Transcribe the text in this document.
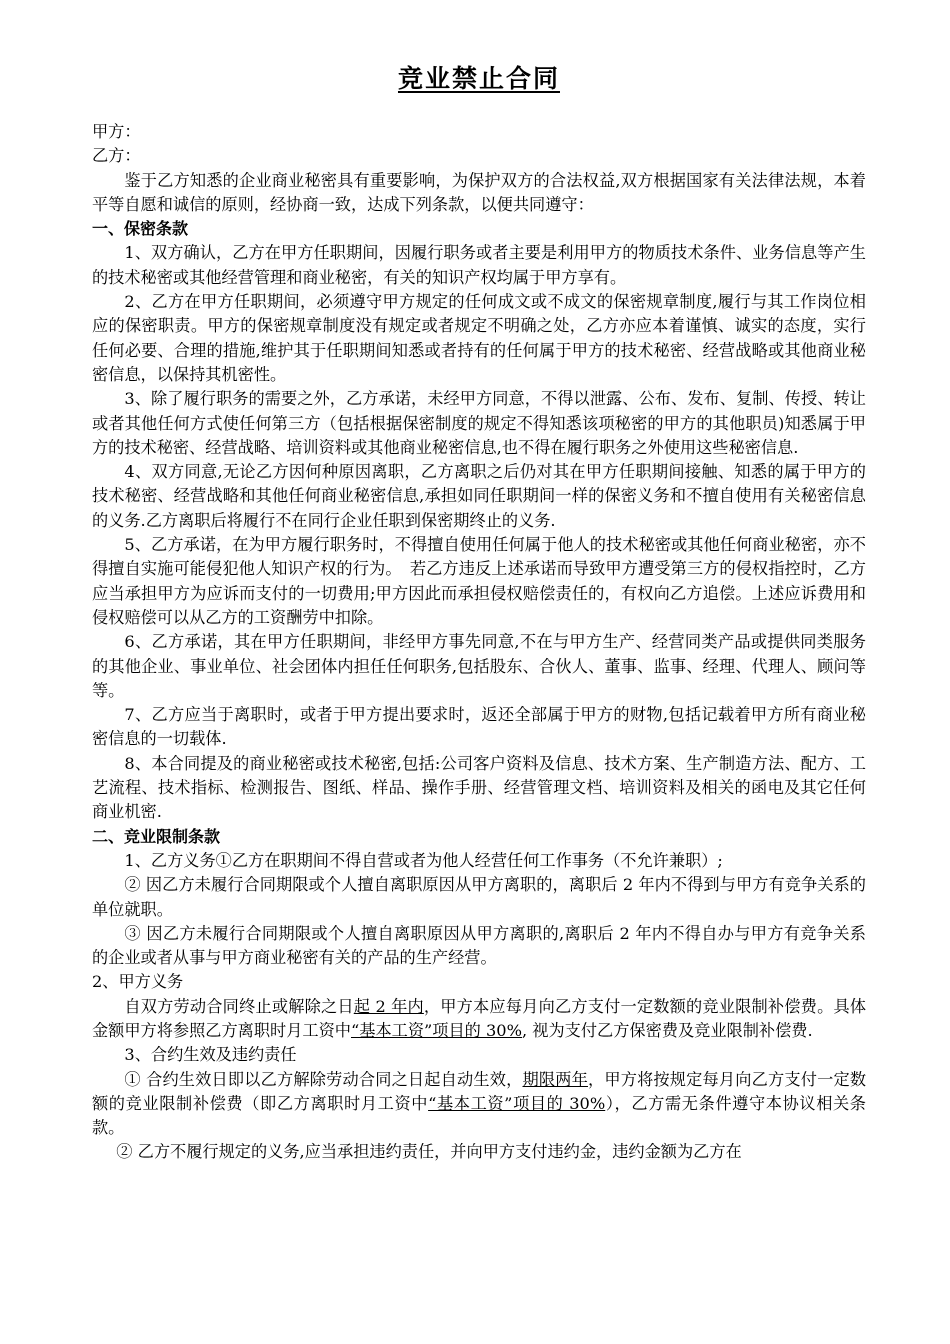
竞业禁止合同

甲方：

乙方：

鉴于乙方知悉的企业商业秘密具有重要影响，为保护双方的合法权益,双方根据国家有关法律法规，本着平等自愿和诚信的原则，经协商一致，达成下列条款，以便共同遵守：

一、保密条款

1、双方确认，乙方在甲方任职期间，因履行职务或者主要是利用甲方的物质技术条件、业务信息等产生的技术秘密或其他经营管理和商业秘密，有关的知识产权均属于甲方享有。

2、乙方在甲方任职期间，必须遵守甲方规定的任何成文或不成文的保密规章制度,履行与其工作岗位相应的保密职责。甲方的保密规章制度没有规定或者规定不明确之处，乙方亦应本着谨慎、诚实的态度，实行任何必要、合理的措施,维护其于任职期间知悉或者持有的任何属于甲方的技术秘密、经营战略或其他商业秘密信息，以保持其机密性。

3、除了履行职务的需要之外，乙方承诺，未经甲方同意，不得以泄露、公布、发布、复制、传授、转让或者其他任何方式使任何第三方（包括根据保密制度的规定不得知悉该项秘密的甲方的其他职员)知悉属于甲方的技术秘密、经营战略、培训资料或其他商业秘密信息,也不得在履行职务之外使用这些秘密信息.

4、双方同意,无论乙方因何种原因离职，乙方离职之后仍对其在甲方任职期间接触、知悉的属于甲方的技术秘密、经营战略和其他任何商业秘密信息,承担如同任职期间一样的保密义务和不擅自使用有关秘密信息的义务.乙方离职后将履行不在同行企业任职到保密期终止的义务.

5、乙方承诺，在为甲方履行职务时，不得擅自使用任何属于他人的技术秘密或其他任何商业秘密，亦不得擅自实施可能侵犯他人知识产权的行为。　若乙方违反上述承诺而导致甲方遭受第三方的侵权指控时，乙方应当承担甲方为应诉而支付的一切费用;甲方因此而承担侵权赔偿责任的，有权向乙方追偿。上述应诉费用和侵权赔偿可以从乙方的工资酬劳中扣除。

6、乙方承诺，其在甲方任职期间，非经甲方事先同意,不在与甲方生产、经营同类产品或提供同类服务的其他企业、事业单位、社会团体内担任任何职务,包括股东、合伙人、董事、监事、经理、代理人、顾问等等。

7、乙方应当于离职时，或者于甲方提出要求时，返还全部属于甲方的财物,包括记载着甲方所有商业秘密信息的一切载体.

8、本合同提及的商业秘密或技术秘密,包括:公司客户资料及信息、技术方案、生产制造方法、配方、工艺流程、技术指标、检测报告、图纸、样品、操作手册、经营管理文档、培训资料及相关的函电及其它任何商业机密.

二、竞业限制条款

1、乙方义务①乙方在职期间不得自营或者为他人经营任何工作事务（不允许兼职）;

② 因乙方未履行合同期限或个人擅自离职原因从甲方离职的，离职后 2 年内不得到与甲方有竞争关系的单位就职。

③ 因乙方未履行合同期限或个人擅自离职原因从甲方离职的,离职后 2 年内不得自办与甲方有竞争关系的企业或者从事与甲方商业秘密有关的产品的生产经营。

2、甲方义务

自双方劳动合同终止或解除之日起 2 年内，甲方本应每月向乙方支付一定数额的竞业限制补偿费。具体金额甲方将参照乙方离职时月工资中“基本工资”项目的 30%, 视为支付乙方保密费及竞业限制补偿费.

3、合约生效及违约责任

① 合约生效日即以乙方解除劳动合同之日起自动生效，期限两年，甲方将按规定每月向乙方支付一定数额的竞业限制补偿费（即乙方离职时月工资中“基本工资”项目的 30%），乙方需无条件遵守本协议相关条款。

② 乙方不履行规定的义务,应当承担违约责任，并向甲方支付违约金，违约金额为乙方在
